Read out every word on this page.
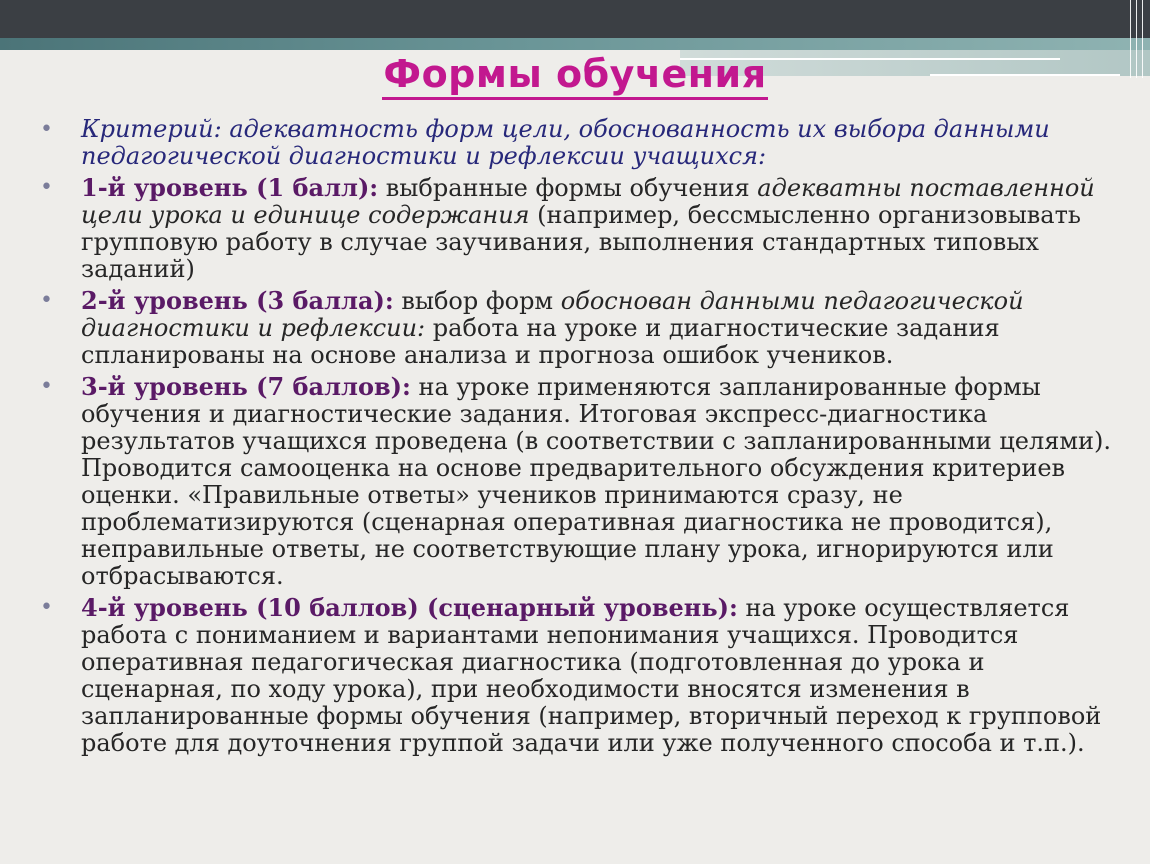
Формы обучения
• Критерий: адекватность форм цели, обоснованность их выбора данными педагогической диагностики и рефлексии учащихся:
• 1-й уровень (1 балл): выбранные формы обучения адекватны поставленной цели урока и единице содержания (например, бессмысленно организовывать групповую работу в случае заучивания, выполнения стандартных типовых заданий)
• 2-й уровень (3 балла): выбор форм обоснован данными педагогической диагностики и рефлексии: работа на уроке и диагностические задания спланированы на основе анализа и прогноза ошибок учеников.
• 3-й уровень (7 баллов): на уроке применяются запланированные формы обучения и диагностические задания. Итоговая экспресс-диагностика результатов учащихся проведена (в соответствии с запланированными целями). Проводится самооценка на основе предварительного обсуждения критериев оценки. «Правильные ответы» учеников принимаются сразу, не проблематизируются (сценарная оперативная диагностика не проводится), неправильные ответы, не соответствующие плану урока, игнорируются или отбрасываются.
• 4-й уровень (10 баллов) (сценарный уровень): на уроке осуществляется работа с пониманием и вариантами непонимания учащихся. Проводится оперативная педагогическая диагностика (подготовленная до урока и сценарная, по ходу урока), при необходимости вносятся изменения в запланированные формы обучения (например, вторичный переход к групповой работе для доуточнения группой задачи или уже полученного способа и т.п.).
